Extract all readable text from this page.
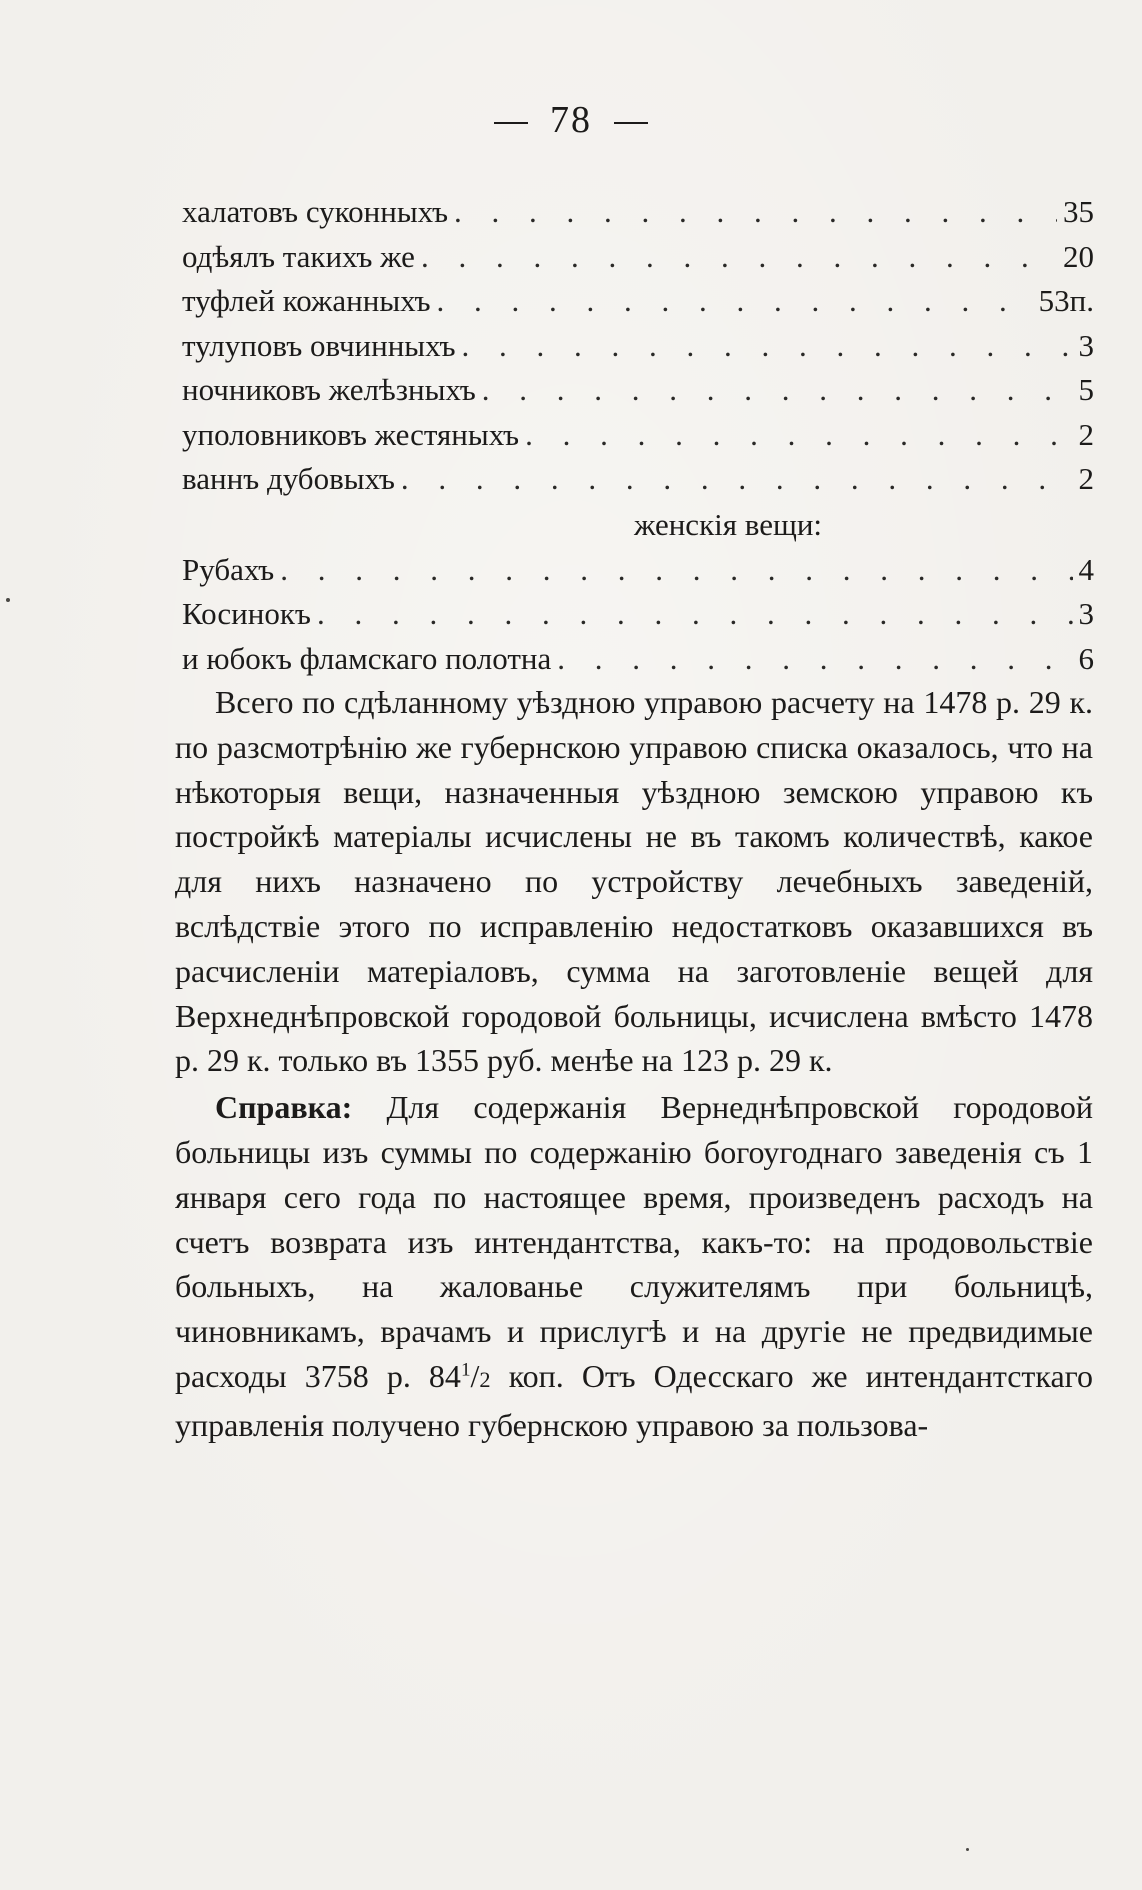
78
халатовъ суконныхъ . . .	35
одѣялъ такихъ же . . .	20
туфлей кожанныхъ . . .	53п.
тулуповъ овчинныхъ . . .	3
ночниковъ желѣзныхъ . . .	5
уполовниковъ жестяныхъ . . .	2
ваннъ дубовыхъ . . .	2
женскія вещи:
Рубахъ . . .	4
Косинокъ . . .	3
и юбокъ фламскаго полотна . . .	6

Всего по сдѣланному уѣздною управою расчету на 1478 р. 29 к. по разсмотрѣнію же губернскою управою списка оказалось, что на нѣкоторыя вещи, назначенныя уѣздною земскою управою къ постройкѣ матеріалы исчислены не въ такомъ количествѣ, какое для нихъ назначено по устройству лечебныхъ заведеній, вслѣдствіе этого по исправленію недостатковъ оказавшихся въ расчисленіи матеріаловъ, сумма на заготовленіе вещей для Верхнеднѣпровской городовой больницы, исчислена вмѣсто 1478 р. 29 к. только въ 1355 руб. менѣе на 123 р. 29 к.

Справка: Для содержанія Вернеднѣпровской городовой больницы изъ суммы по содержанію богоугоднаго заведенія съ 1 января сего года по настоящее время, произведенъ расходъ на счетъ возврата изъ интендантства, какъ-то: на продовольствіе больныхъ, на жалованье служителямъ при больницѣ, чиновникамъ, врачамъ и прислугѣ и на другіе не предвидимые расходы 3758 р. $84^1/2$ коп. Отъ Одесскаго же интендантсткаго управленія получено губернскою управою за пользова-
